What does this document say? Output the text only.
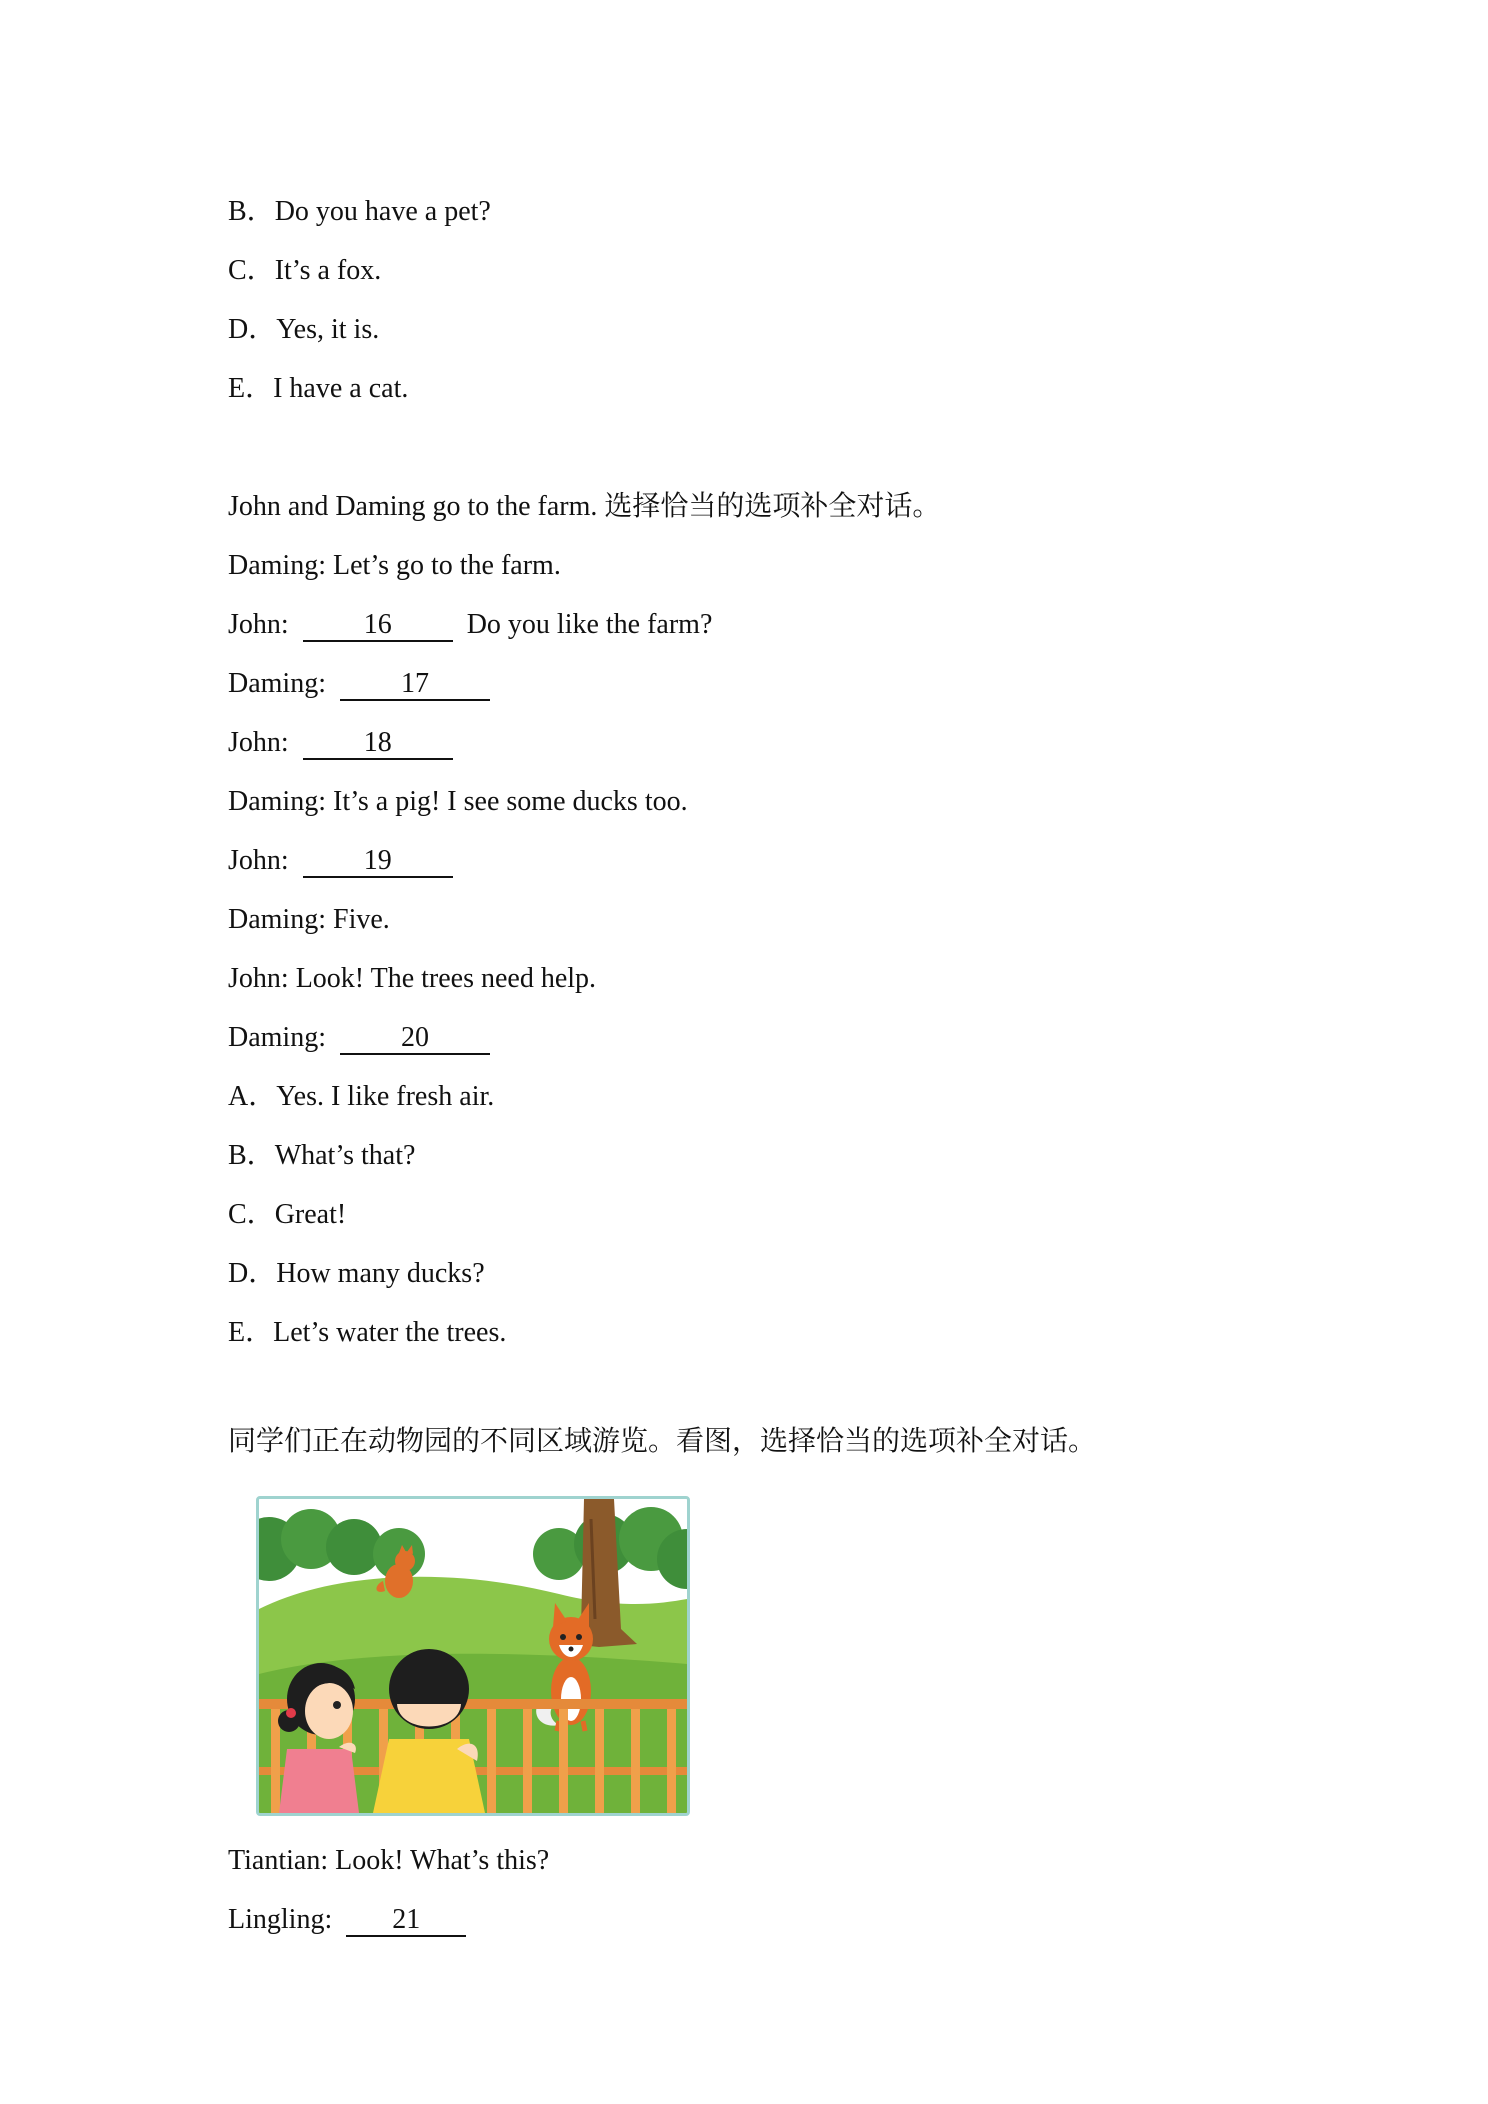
B．Do you have a pet?
C．It’s a fox.
D．Yes, it is.
E．I have a cat.
John and Daming go to the farm. 选择恰当的选项补全对话。
Daming: Let’s go to the farm.
John:	16	Do you like the farm?
Daming:	17
John:	18
Daming: It’s a pig! I see some ducks too.
John:	19
Daming: Five.
John: Look! The trees need help.
Daming:	20
A．Yes. I like fresh air.
B．What’s that?
C．Great!
D．How many ducks?
E．Let’s water the trees.
同学们正在动物园的不同区域游览。看图，选择恰当的选项补全对话。
Tiantian: Look! What’s this?
Lingling: 21
